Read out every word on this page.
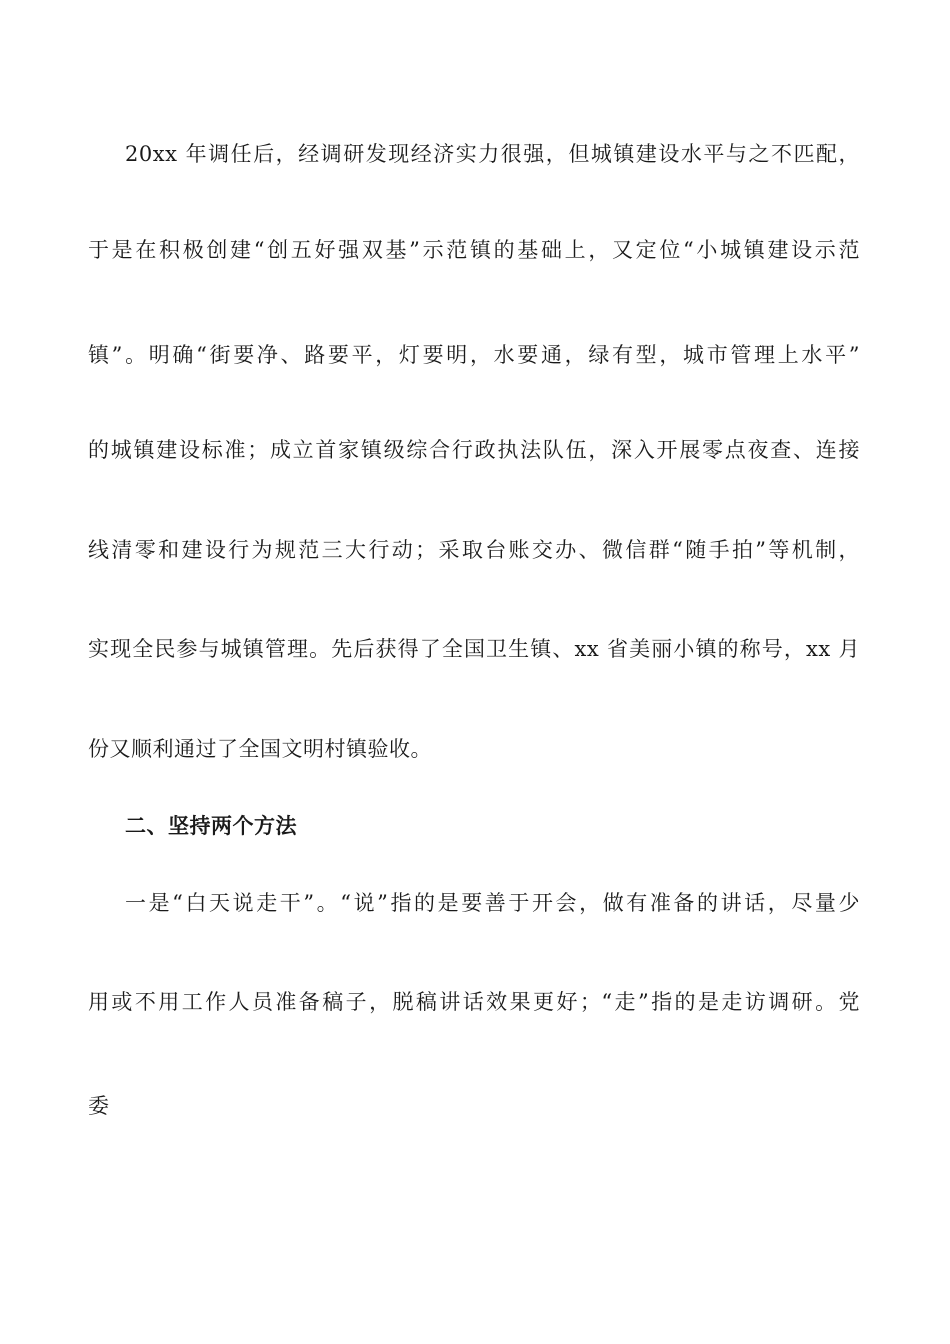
20xx 年调任后，经调研发现经济实力很强，但城镇建设水平与之不匹配，
于是在积极创建“创五好强双基”示范镇的基础上，又定位“小城镇建设示范
镇”。明确“街要净、路要平，灯要明，水要通，绿有型，城市管理上水平”
的城镇建设标准；成立首家镇级综合行政执法队伍，深入开展零点夜查、连接
线清零和建设行为规范三大行动；采取台账交办、微信群“随手拍”等机制，
实现全民参与城镇管理。先后获得了全国卫生镇、xx 省美丽小镇的称号，xx 月
份又顺利通过了全国文明村镇验收。
二、坚持两个方法
一是“白天说走干”。“说”指的是要善于开会，做有准备的讲话，尽量少
用或不用工作人员准备稿子，脱稿讲话效果更好；“走”指的是走访调研。党
委
